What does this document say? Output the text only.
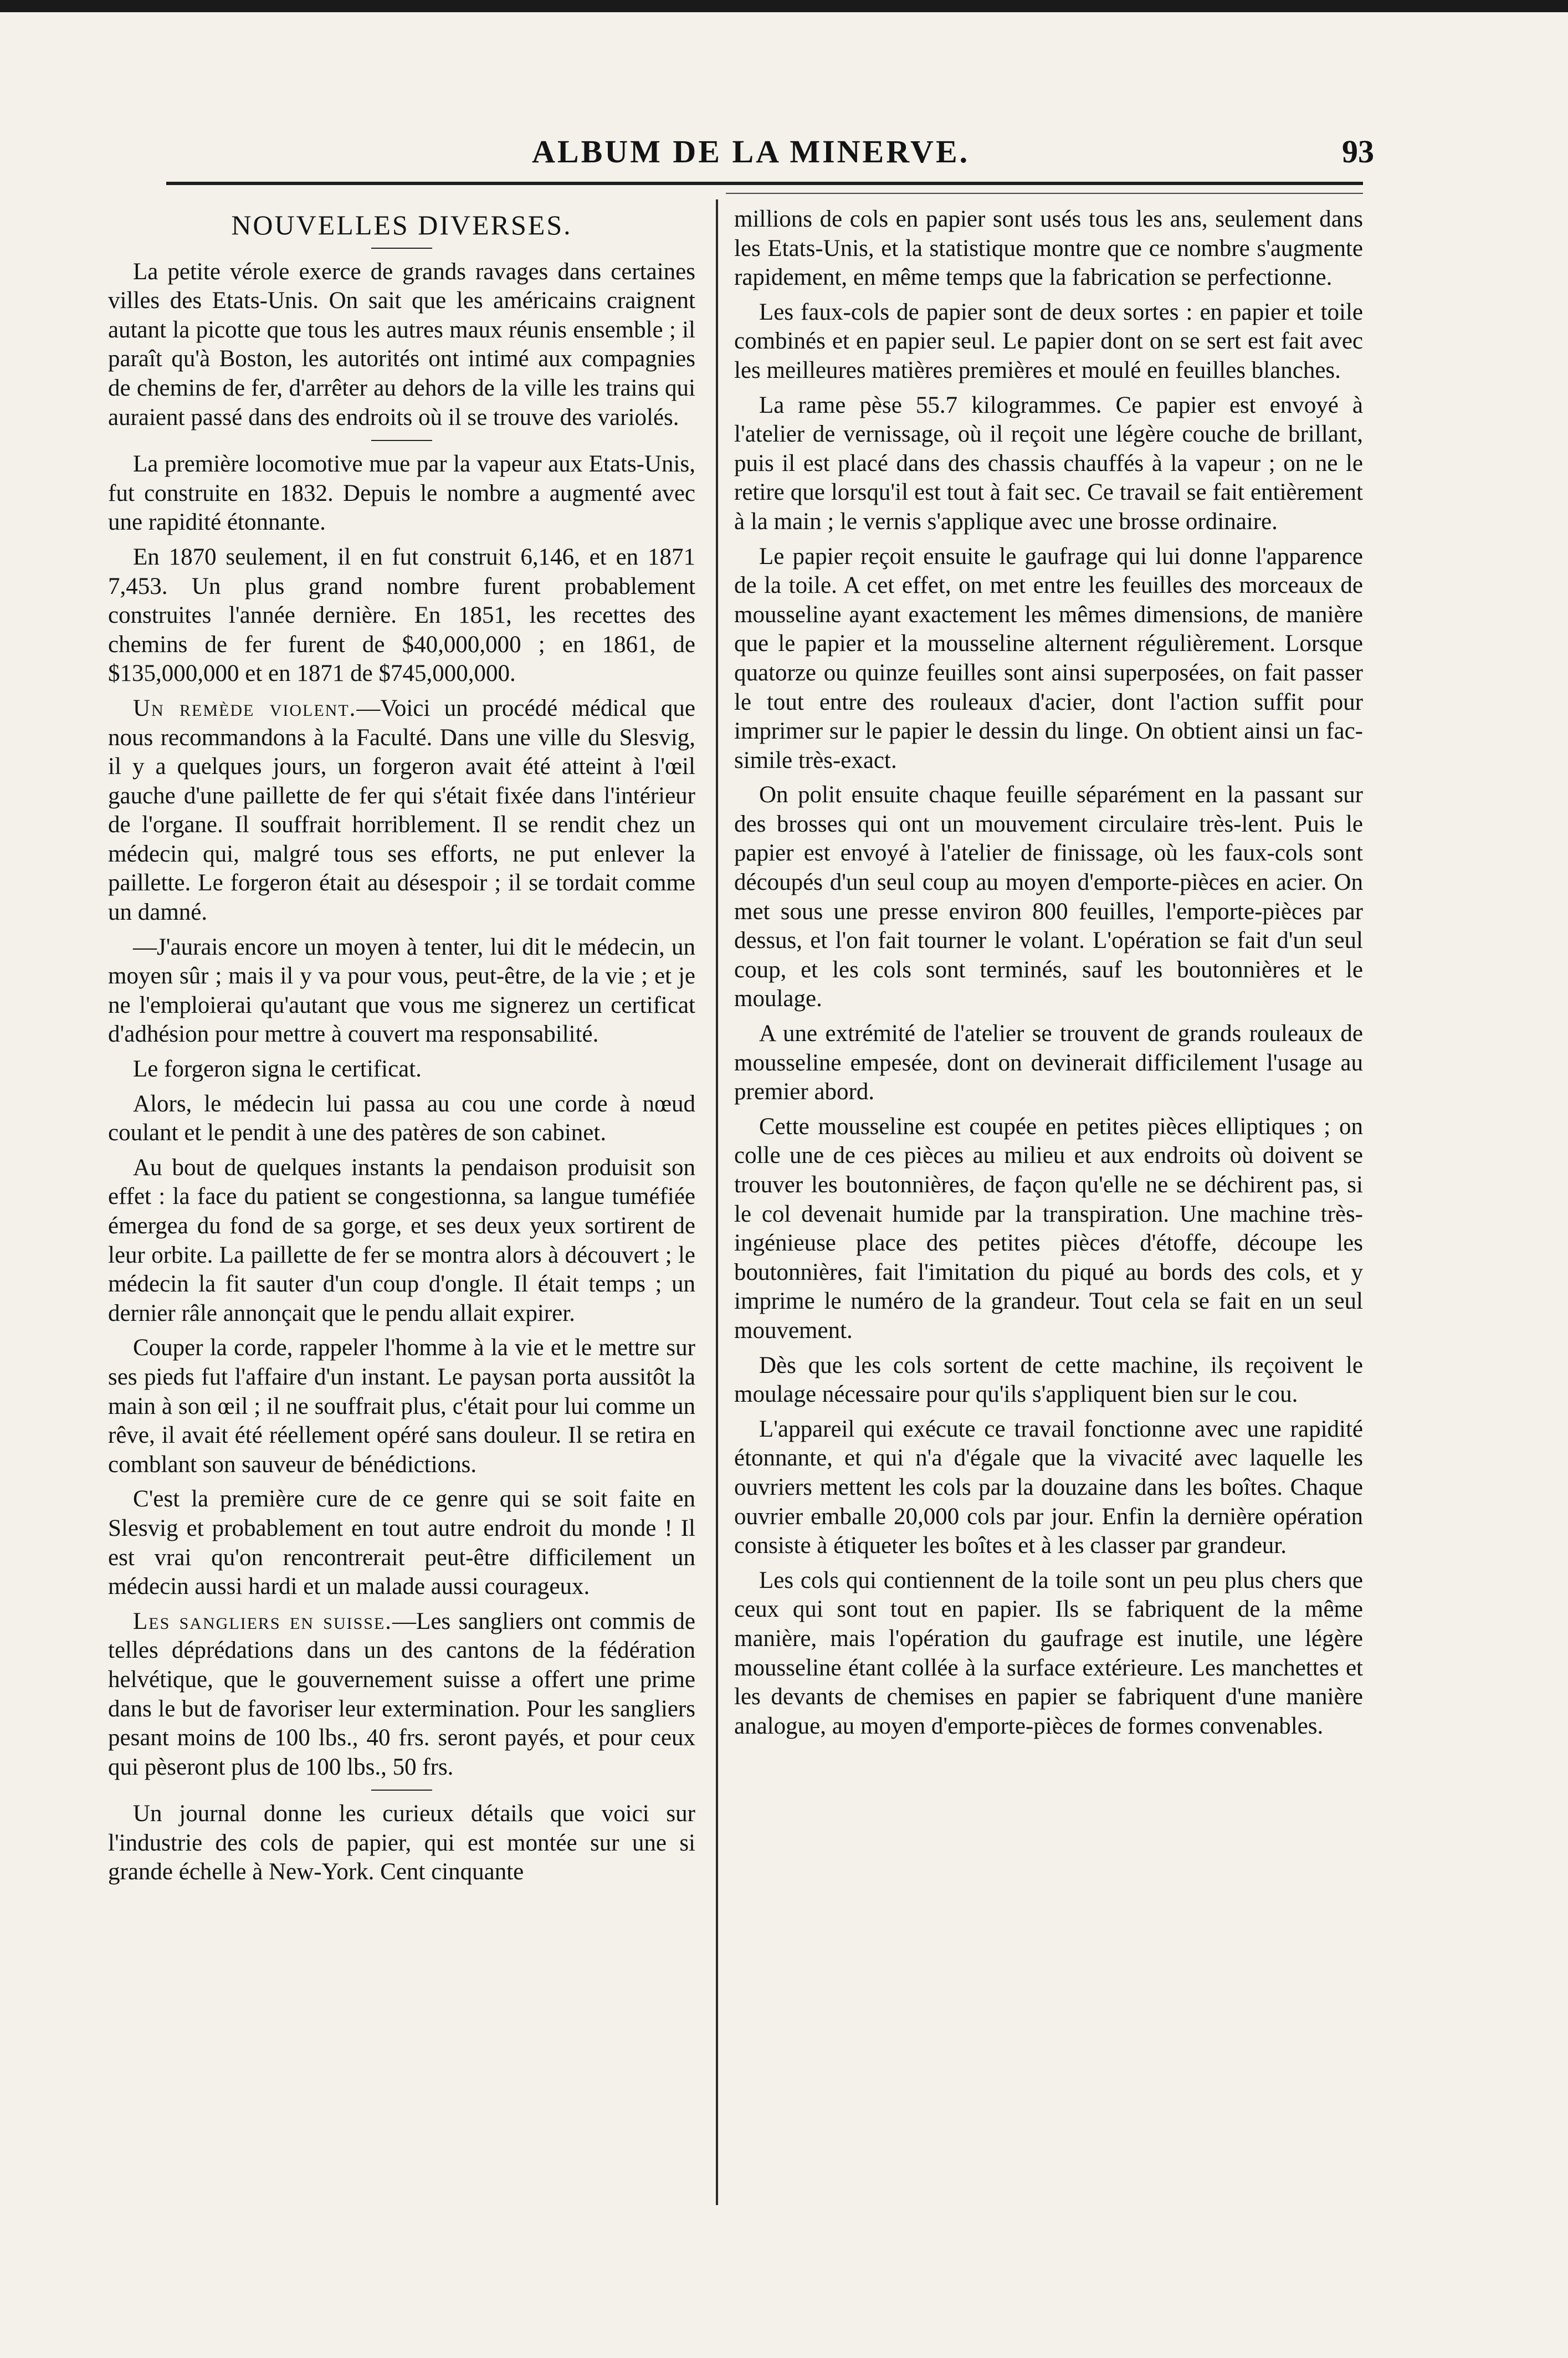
ALBUM DE LA MINERVE.	93
NOUVELLES DIVERSES.

La petite vérole exerce de grands ravages dans certaines villes des Etats-Unis. On sait que les américains craignent autant la picotte que tous les autres maux réunis ensemble ; il paraît qu'à Boston, les autorités ont intimé aux compagnies de chemins de fer, d'arrêter au dehors de la ville les trains qui auraient passé dans des endroits où il se trouve des variolés.

La première locomotive mue par la vapeur aux Etats-Unis, fut construite en 1832. Depuis le nombre a augmenté avec une rapidité étonnante.

En 1870 seulement, il en fut construit 6,146, et en 1871 7,453. Un plus grand nombre furent probablement construites l'année dernière. En 1851, les recettes des chemins de fer furent de $40,000,000 ; en 1861, de $135,000,000 et en 1871 de $745,000,000.

Un remède violent.—Voici un procédé médical que nous recommandons à la Faculté. Dans une ville du Slesvig, il y a quelques jours, un forgeron avait été atteint à l'œil gauche d'une paillette de fer qui s'était fixée dans l'intérieur de l'organe. Il souffrait horriblement. Il se rendit chez un médecin qui, malgré tous ses efforts, ne put enlever la paillette. Le forgeron était au désespoir ; il se tordait comme un damné.

—J'aurais encore un moyen à tenter, lui dit le médecin, un moyen sûr ; mais il y va pour vous, peut-être, de la vie ; et je ne l'emploierai qu'autant que vous me signerez un certificat d'adhésion pour mettre à couvert ma responsabilité.

Le forgeron signa le certificat.

Alors, le médecin lui passa au cou une corde à nœud coulant et le pendit à une des patères de son cabinet.

Au bout de quelques instants la pendaison produisit son effet : la face du patient se congestionna, sa langue tuméfiée émergea du fond de sa gorge, et ses deux yeux sortirent de leur orbite. La paillette de fer se montra alors à découvert ; le médecin la fit sauter d'un coup d'ongle. Il était temps ; un dernier râle annonçait que le pendu allait expirer.

Couper la corde, rappeler l'homme à la vie et le mettre sur ses pieds fut l'affaire d'un instant. Le paysan porta aussitôt la main à son œil ; il ne souffrait plus, c'était pour lui comme un rêve, il avait été réellement opéré sans douleur. Il se retira en comblant son sauveur de bénédictions.

C'est la première cure de ce genre qui se soit faite en Slesvig et probablement en tout autre endroit du monde ! Il est vrai qu'on rencontrerait peut-être difficilement un médecin aussi hardi et un malade aussi courageux.

Les sangliers en suisse.—Les sangliers ont commis de telles déprédations dans un des cantons de la fédération helvétique, que le gouvernement suisse a offert une prime dans le but de favoriser leur extermination. Pour les sangliers pesant moins de 100 lbs., 40 frs. seront payés, et pour ceux qui pèseront plus de 100 lbs., 50 frs.

Un journal donne les curieux détails que voici sur l'industrie des cols de papier, qui est montée sur une si grande échelle à New-York. Cent cinquante

millions de cols en papier sont usés tous les ans, seulement dans les Etats-Unis, et la statistique montre que ce nombre s'augmente rapidement, en même temps que la fabrication se perfectionne.

Les faux-cols de papier sont de deux sortes : en papier et toile combinés et en papier seul. Le papier dont on se sert est fait avec les meilleures matières premières et moulé en feuilles blanches.

La rame pèse 55.7 kilogrammes. Ce papier est envoyé à l'atelier de vernissage, où il reçoit une légère couche de brillant, puis il est placé dans des chassis chauffés à la vapeur ; on ne le retire que lorsqu'il est tout à fait sec. Ce travail se fait entièrement à la main ; le vernis s'applique avec une brosse ordinaire.

Le papier reçoit ensuite le gaufrage qui lui donne l'apparence de la toile. A cet effet, on met entre les feuilles des morceaux de mousseline ayant exactement les mêmes dimensions, de manière que le papier et la mousseline alternent régulièrement. Lorsque quatorze ou quinze feuilles sont ainsi superposées, on fait passer le tout entre des rouleaux d'acier, dont l'action suffit pour imprimer sur le papier le dessin du linge. On obtient ainsi un fac-simile très-exact.

On polit ensuite chaque feuille séparément en la passant sur des brosses qui ont un mouvement circulaire très-lent. Puis le papier est envoyé à l'atelier de finissage, où les faux-cols sont découpés d'un seul coup au moyen d'emporte-pièces en acier. On met sous une presse environ 800 feuilles, l'emporte-pièces par dessus, et l'on fait tourner le volant. L'opération se fait d'un seul coup, et les cols sont terminés, sauf les boutonnières et le moulage.

A une extrémité de l'atelier se trouvent de grands rouleaux de mousseline empesée, dont on devinerait difficilement l'usage au premier abord.

Cette mousseline est coupée en petites pièces elliptiques ; on colle une de ces pièces au milieu et aux endroits où doivent se trouver les boutonnières, de façon qu'elle ne se déchirent pas, si le col devenait humide par la transpiration. Une machine très-ingénieuse place des petites pièces d'étoffe, découpe les boutonnières, fait l'imitation du piqué au bords des cols, et y imprime le numéro de la grandeur. Tout cela se fait en un seul mouvement.

Dès que les cols sortent de cette machine, ils reçoivent le moulage nécessaire pour qu'ils s'appliquent bien sur le cou.

L'appareil qui exécute ce travail fonctionne avec une rapidité étonnante, et qui n'a d'égale que la vivacité avec laquelle les ouvriers mettent les cols par la douzaine dans les boîtes. Chaque ouvrier emballe 20,000 cols par jour. Enfin la dernière opération consiste à étiqueter les boîtes et à les classer par grandeur.

Les cols qui contiennent de la toile sont un peu plus chers que ceux qui sont tout en papier. Ils se fabriquent de la même manière, mais l'opération du gaufrage est inutile, une légère mousseline étant collée à la surface extérieure. Les manchettes et les devants de chemises en papier se fabriquent d'une manière analogue, au moyen d'emporte-pièces de formes convenables.
